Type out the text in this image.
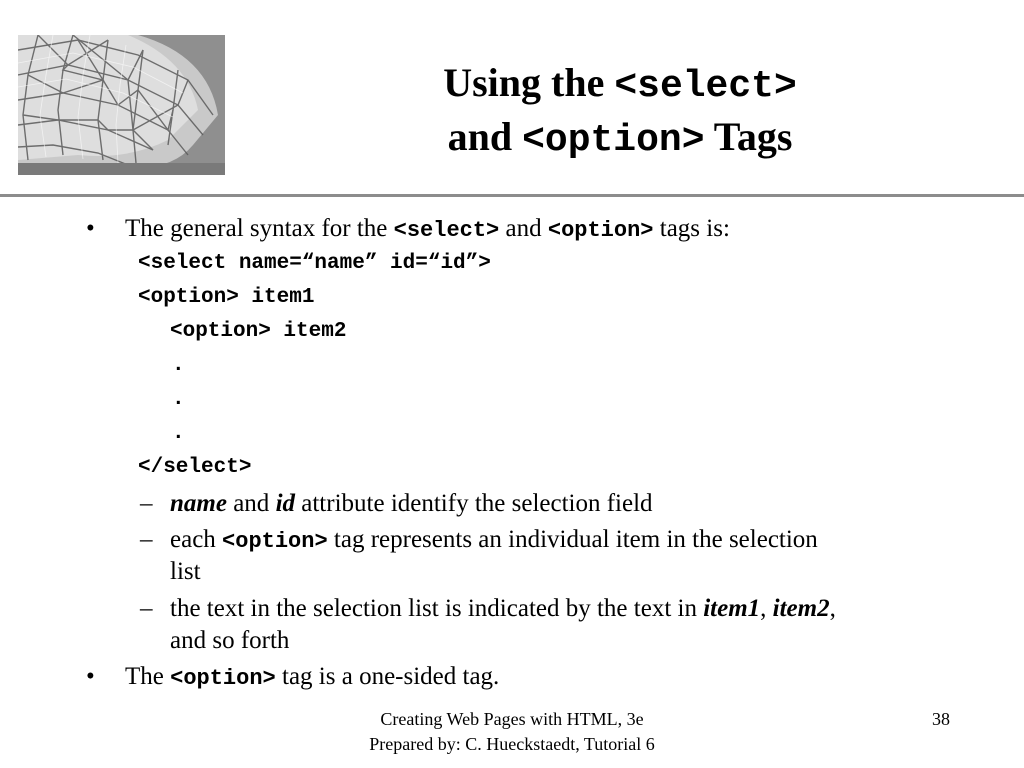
Using the <select>
and <option> Tags
• The general syntax for the <select> and <option> tags is:
<select name=“name” id=“id”>
<option> item1
<option> item2
.
.
.
</select>
– name and id attribute identify the selection field
– each <option> tag represents an individual item in the selection
list
– the text in the selection list is indicated by the text in item1, item2,
and so forth
• The <option> tag is a one-sided tag.
Creating Web Pages with HTML, 3e
Prepared by: C. Hueckstaedt, Tutorial 6
38
